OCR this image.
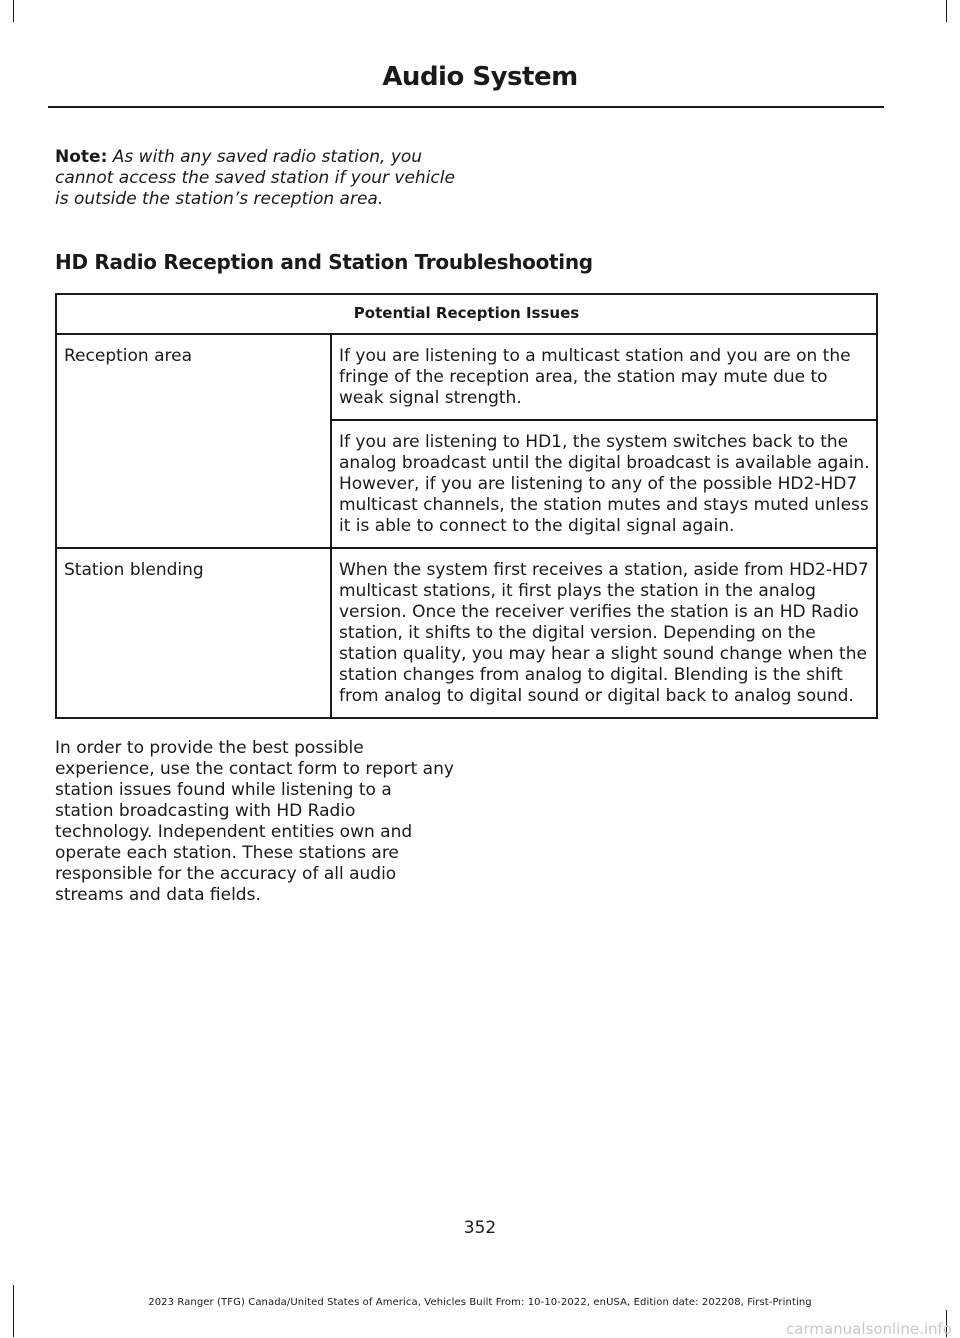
Audio System
Note: As with any saved radio station, you cannot access the saved station if your vehicle is outside the station’s reception area.
HD Radio Reception and Station Troubleshooting
Potential Reception Issues	
Reception area	If you are listening to a multicast station and you are on the fringe of the reception area, the station may mute due to weak signal strength.
	If you are listening to HD1, the system switches back to the analog broadcast until the digital broadcast is available again. However, if you are listening to any of the possible HD2-HD7 multicast channels, the station mutes and stays muted unless it is able to connect to the digital signal again.
Station blending	When the system first receives a station, aside from HD2-HD7 multicast stations, it first plays the station in the analog version. Once the receiver verifies the station is an HD Radio station, it shifts to the digital version. Depending on the station quality, you may hear a slight sound change when the station changes from analog to digital. Blending is the shift from analog to digital sound or digital back to analog sound.
In order to provide the best possible experience, use the contact form to report any station issues found while listening to a station broadcasting with HD Radio technology. Independent entities own and operate each station. These stations are responsible for the accuracy of all audio streams and data fields.
352
2023 Ranger (TFG) Canada/United States of America, Vehicles Built From: 10-10-2022, enUSA, Edition date: 202208, First-Printing
carmanualsonline.info
